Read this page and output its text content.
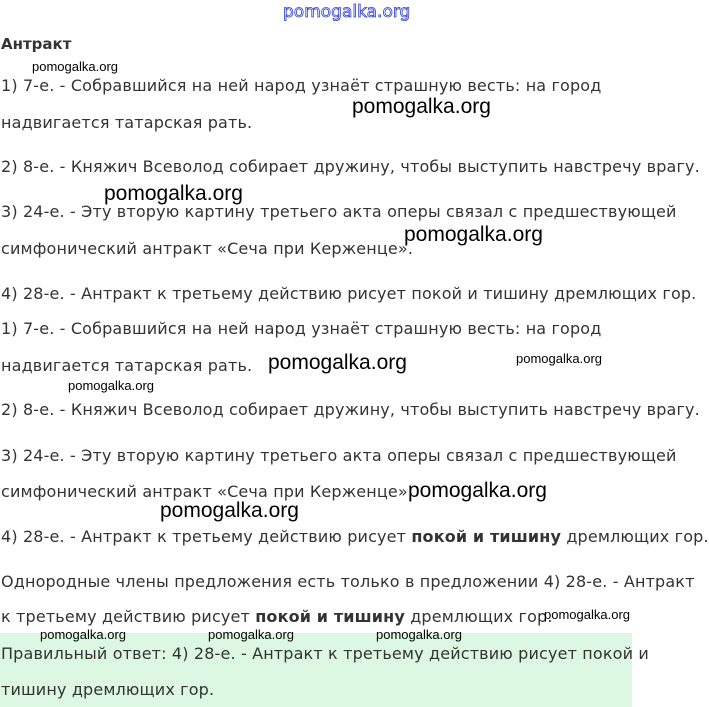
pomogalka.org
Антракт
1) 7-е. - Собравшийся на ней народ узнаёт страшную весть: на город
надвигается татарская рать.
2) 8-е. - Княжич Всеволод собирает дружину, чтобы выступить навстречу врагу.
3) 24-е. - Эту вторую картину третьего акта оперы связал с предшествующей
симфонический антракт «Сеча при Керженце».
4) 28-е. - Антракт к третьему действию рисует покой и тишину дремлющих гор.
1) 7-е. - Собравшийся на ней народ узнаёт страшную весть: на город
надвигается татарская рать.
2) 8-е. - Княжич Всеволод собирает дружину, чтобы выступить навстречу врагу.
3) 24-е. - Эту вторую картину третьего акта оперы связал с предшествующей
симфонический антракт «Сеча при Керженце».
4) 28-е. - Антракт к третьему действию рисует покой и тишину дремлющих гор.
Однородные члены предложения есть только в предложении 4) 28-е. - Антракт
к третьему действию рисует покой и тишину дремлющих гор.
Правильный ответ: 4) 28-е. - Антракт к третьему действию рисует покой и
тишину дремлющих гор.
pomogalka.org
pomogalka.org
pomogalka.org
pomogalka.org
pomogalka.org	pomogalka.org
pomogalka.org
pomogalka.org
pomogalka.org
pomogalka.org
pomogalka.org	pomogalka.org	pomogalka.org
